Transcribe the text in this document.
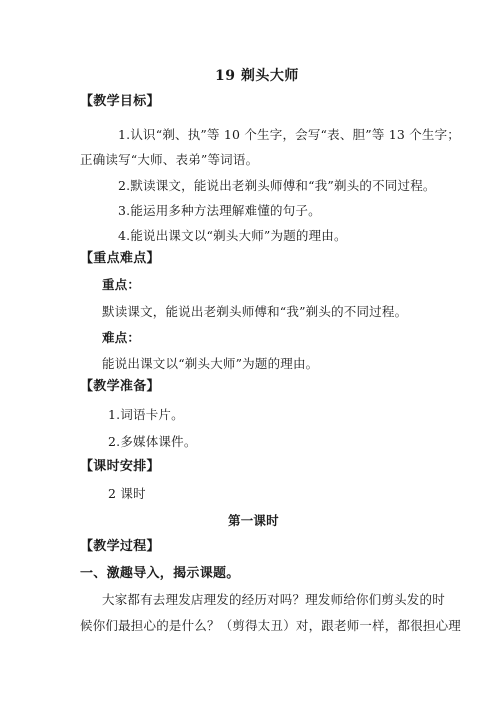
19 剃头大师
【教学目标】
1.认识“剃、执”等 10 个生字，会写“表、胆”等 13 个生字；
正确读写“大师、表弟”等词语。
2.默读课文，能说出老剃头师傅和“我”剃头的不同过程。
3.能运用多种方法理解难懂的句子。
4.能说出课文以“剃头大师”为题的理由。
【重点难点】
重点：
默读课文，能说出老剃头师傅和“我”剃头的不同过程。
难点：
能说出课文以“剃头大师”为题的理由。
【教学准备】
1.词语卡片。
2.多媒体课件。
【课时安排】
2 课时
第一课时
【教学过程】
一、激趣导入，揭示课题。
大家都有去理发店理发的经历对吗？理发师给你们剪头发的时
候你们最担心的是什么？（剪得太丑）对，跟老师一样，都很担心理
